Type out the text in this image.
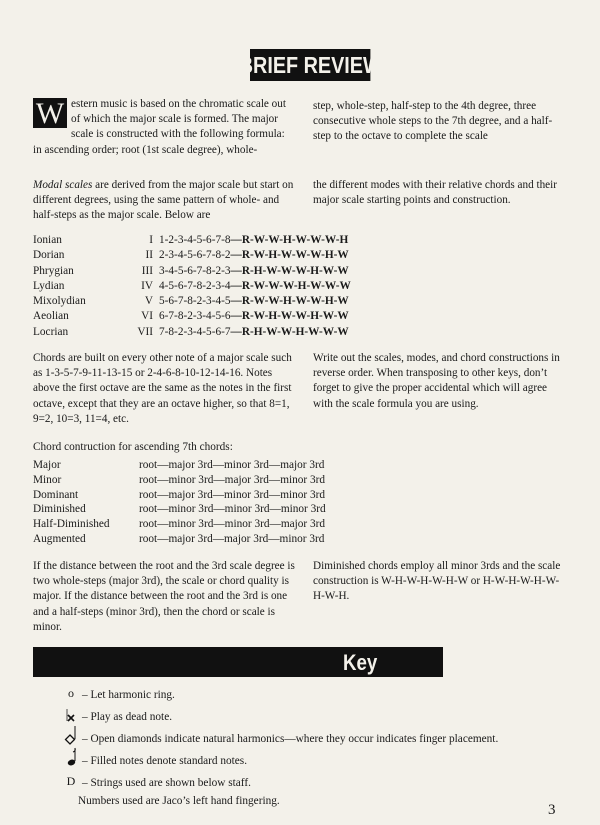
BRIEF REVIEW
W estern music is based on the chromatic scale out of which the major scale is formed. The major scale is constructed with the following formula: in ascending order; root (1st scale degree), whole-
step, whole-step, half-step to the 4th degree, three consecutive whole steps to the 7th degree, and a half-step to the octave to complete the scale
Modal scales are derived from the major scale but start on different degrees, using the same pattern of whole- and half-steps as the major scale. Below are
the different modes with their relative chords and their major scale starting points and construction.
Ionian	I	1-2-3-4-5-6-7-8—R-W-W-H-W-W-W-H
Dorian	II	2-3-4-5-6-7-8-2—R-W-H-W-W-W-H-W
Phrygian	III	3-4-5-6-7-8-2-3—R-H-W-W-W-H-W-W
Lydian	IV	4-5-6-7-8-2-3-4—R-W-W-W-H-W-W-W
Mixolydian	V	5-6-7-8-2-3-4-5—R-W-W-H-W-W-H-W
Aeolian	VI	6-7-8-2-3-4-5-6—R-W-H-W-W-H-W-W
Locrian	VII	7-8-2-3-4-5-6-7—R-H-W-W-H-W-W-W
Chords are built on every other note of a major scale such as 1-3-5-7-9-11-13-15 or 2-4-6-8-10-12-14-16. Notes above the first octave are the same as the notes in the first octave, except that they are an octave higher, so that 8=1, 9=2, 10=3, 11=4, etc.
Write out the scales, modes, and chord constructions in reverse order. When transposing to other keys, don’t forget to give the proper accidental which will agree with the scale formula you are using.
Chord contruction for ascending 7th chords:
Major	root—major 3rd—minor 3rd—major 3rd
Minor	root—minor 3rd—major 3rd—minor 3rd
Dominant	root—major 3rd—minor 3rd—minor 3rd
Diminished	root—minor 3rd—minor 3rd—minor 3rd
Half-Diminished	root—minor 3rd—minor 3rd—major 3rd
Augmented	root—major 3rd—major 3rd—minor 3rd
If the distance between the root and the 3rd scale degree is two whole-steps (major 3rd), the scale or chord quality is major. If the distance between the root and the 3rd is one and a half-steps (minor 3rd), then the chord or scale is minor.
Diminished chords employ all minor 3rds and the scale construction is W-H-W-H-W-H-W or H-W-H-W-H-W-H-W-H.
Key
o – Let harmonic ring.
– Play as dead note.
– Open diamonds indicate natural harmonics—where they occur indicates finger placement.
– Filled notes denote standard notes.
D – Strings used are shown below staff.
Numbers used are Jaco’s left hand fingering.
3
